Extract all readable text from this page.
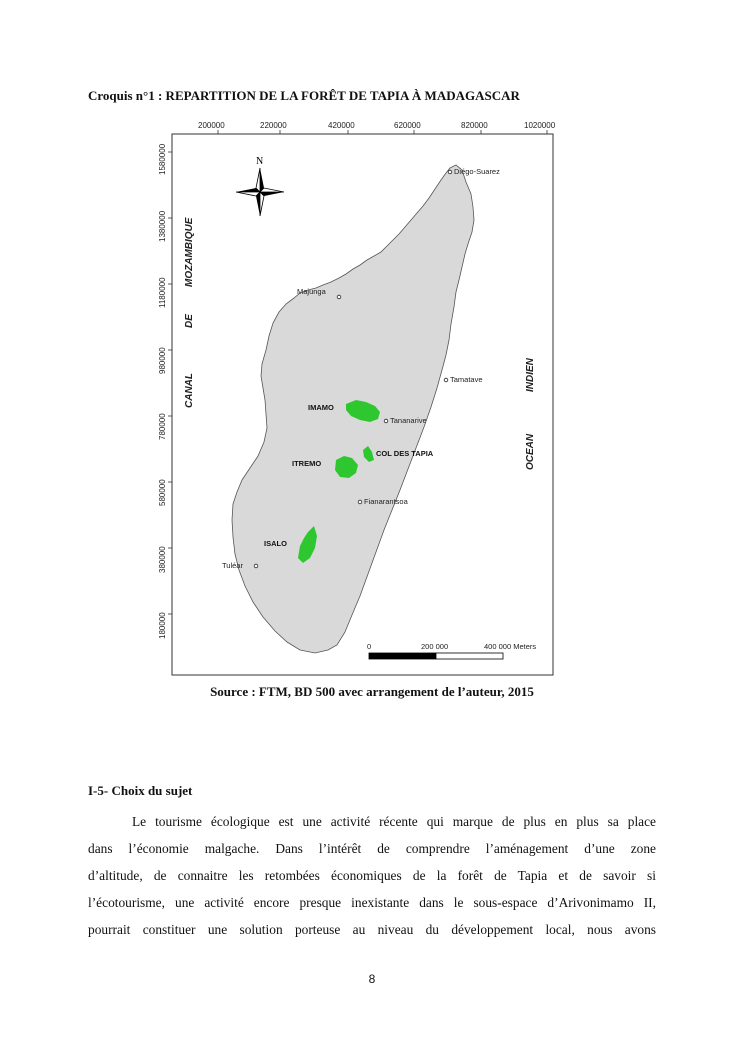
Croquis n°1 : REPARTITION DE LA FORÊT DE TAPIA À MADAGASCAR
200000	220000	420000	620000	820000	1020000
1580000
1380000
1180000
980000
780000
580000
380000
180000
N
CANAL
DE
MOZAMBIQUE
OCEAN
INDIEN
IMAMO
COL DES TAPIA
ITREMO
ISALO
Diégo-Suarez
Majunga
Tamatave
Tananarive
Fianarantsoa
Tuléar
0	200 000	400 000 Meters
Source : FTM, BD 500 avec arrangement de l’auteur, 2015
I-5- Choix du sujet
Le tourisme écologique est une activité récente qui marque de plus en plus sa place
dans l’économie malgache. Dans l’intérêt de comprendre l’aménagement d’une zone
d’altitude, de connaitre les retombées économiques de la forêt de Tapia et de savoir si
l’écotourisme, une activité encore presque inexistante dans le sous-espace d’Arivonimamo II,
pourrait constituer une solution porteuse au niveau du développement local, nous avons
8
